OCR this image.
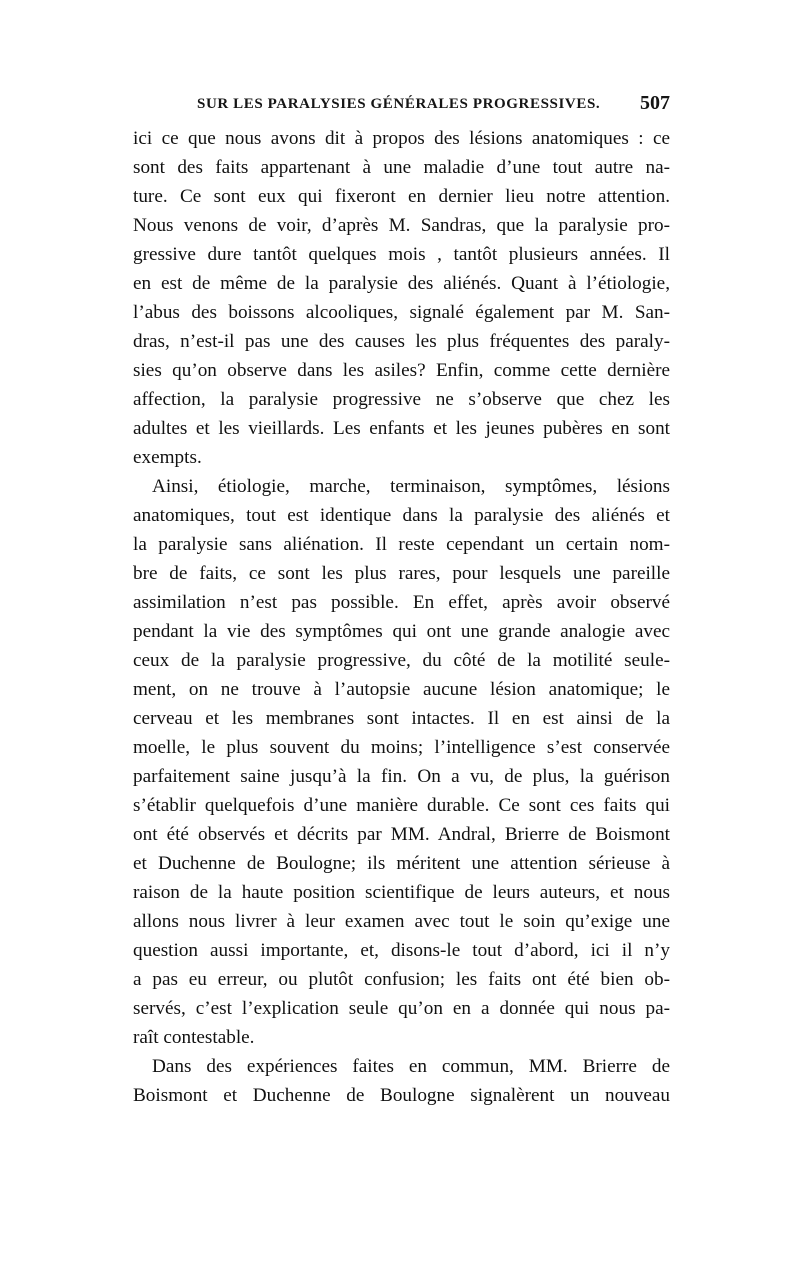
SUR LES PARALYSIES GÉNÉRALES PROGRESSIVES. 507
ici ce que nous avons dit à propos des lésions anatomiques : ce
sont des faits appartenant à une maladie d’une tout autre na-
ture. Ce sont eux qui fixeront en dernier lieu notre attention.
Nous venons de voir, d’après M. Sandras, que la paralysie pro-
gressive dure tantôt quelques mois , tantôt plusieurs années. Il
en est de même de la paralysie des aliénés. Quant à l’étiologie,
l’abus des boissons alcooliques, signalé également par M. San-
dras, n’est-il pas une des causes les plus fréquentes des paraly-
sies qu’on observe dans les asiles? Enfin, comme cette dernière
affection, la paralysie progressive ne s’observe que chez les
adultes et les vieillards. Les enfants et les jeunes pubères en sont
exempts.
Ainsi, étiologie, marche, terminaison, symptômes, lésions
anatomiques, tout est identique dans la paralysie des aliénés et
la paralysie sans aliénation. Il reste cependant un certain nom-
bre de faits, ce sont les plus rares, pour lesquels une pareille
assimilation n’est pas possible. En effet, après avoir observé
pendant la vie des symptômes qui ont une grande analogie avec
ceux de la paralysie progressive, du côté de la motilité seule-
ment, on ne trouve à l’autopsie aucune lésion anatomique; le
cerveau et les membranes sont intactes. Il en est ainsi de la
moelle, le plus souvent du moins; l’intelligence s’est conservée
parfaitement saine jusqu’à la fin. On a vu, de plus, la guérison
s’établir quelquefois d’une manière durable. Ce sont ces faits qui
ont été observés et décrits par MM. Andral, Brierre de Boismont
et Duchenne de Boulogne; ils méritent une attention sérieuse à
raison de la haute position scientifique de leurs auteurs, et nous
allons nous livrer à leur examen avec tout le soin qu’exige une
question aussi importante, et, disons-le tout d’abord, ici il n’y
a pas eu erreur, ou plutôt confusion; les faits ont été bien ob-
servés, c’est l’explication seule qu’on en a donnée qui nous pa-
raît contestable.
Dans des expériences faites en commun, MM. Brierre de
Boismont et Duchenne de Boulogne signalèrent un nouveau
